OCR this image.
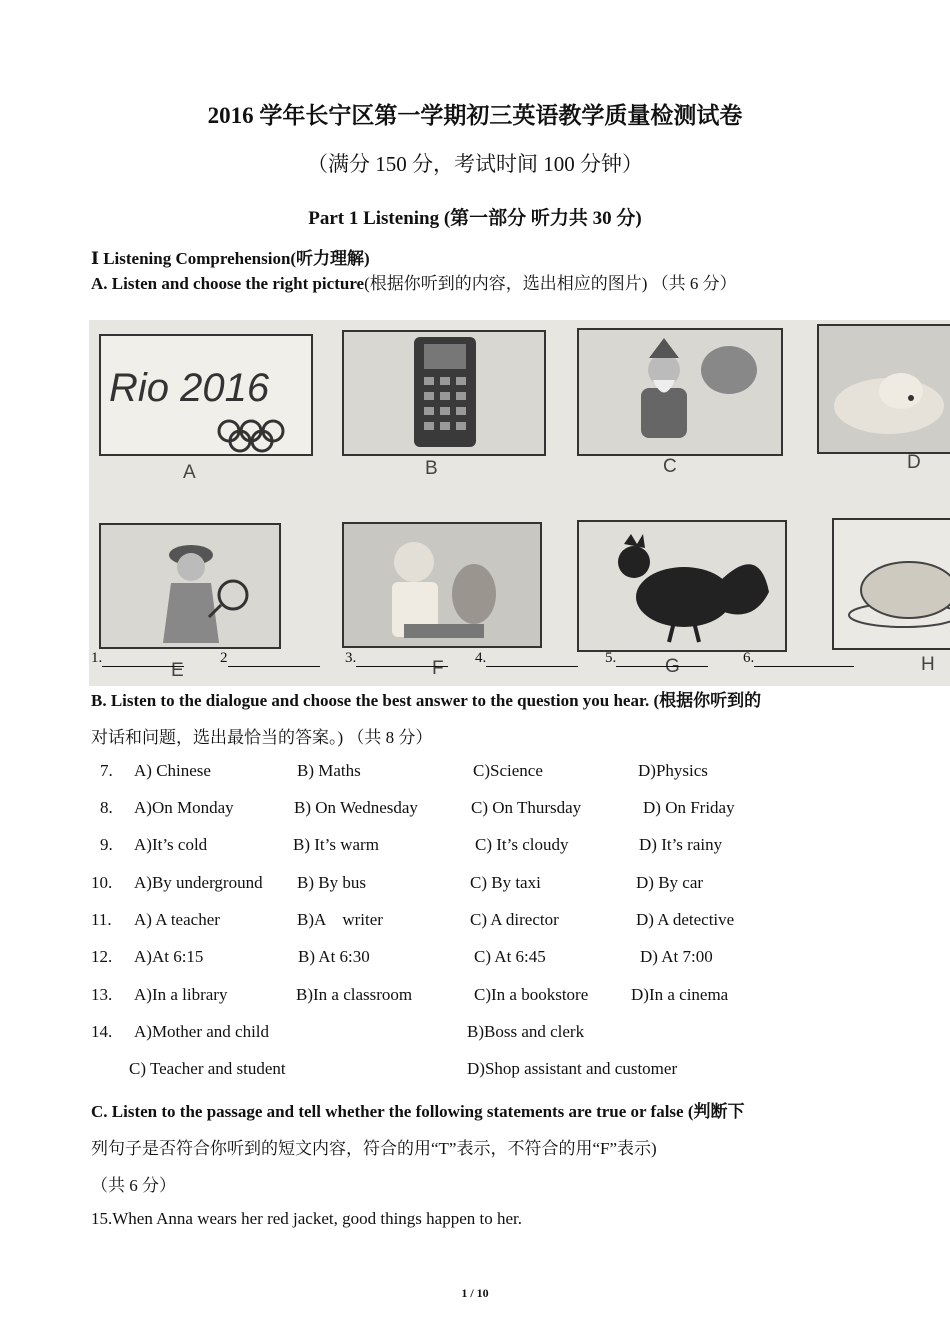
2016 学年长宁区第一学期初三英语教学质量检测试卷
（满分 150 分，考试时间 100 分钟）
Part 1 Listening (第一部分 听力共 30 分)
Ⅰ Listening Comprehension(听力理解)
A. Listen and choose the right picture(根据你听到的内容，选出相应的图片) （共 6 分）
Rio 2016
A	B	C	D
E	F	G	H
1.	2	3.	4.	5.	6.
B. Listen to the dialogue and choose the best answer to the question you hear. (根据你听到的
对话和问题，选出最恰当的答案。) （共 8 分）
7. A) Chinese	B) Maths	C)Science	D)Physics
8. A)On Monday	B) On Wednesday	C) On Thursday	D) On Friday
9. A)It’s cold	B) It’s warm	C) It’s cloudy	D) It’s rainy
10. A)By underground B) By bus	C) By taxi	D) By car
11. A) A teacher	B)A    writer	C) A director	D) A detective
12. A)At 6:15	B) At 6:30	C) At 6:45	D) At 7:00
13. A)In a library	B)In a classroom	C)In a bookstore	D)In a cinema
14. A)Mother and child	B)Boss and clerk
C) Teacher and student	D)Shop assistant and customer
C. Listen to the passage and tell whether the following statements are true or false (判断下
列句子是否符合你听到的短文内容，符合的用“T”表示，不符合的用“F”表示)
（共 6 分）
15.When Anna wears her red jacket, good things happen to her.
1 / 10
